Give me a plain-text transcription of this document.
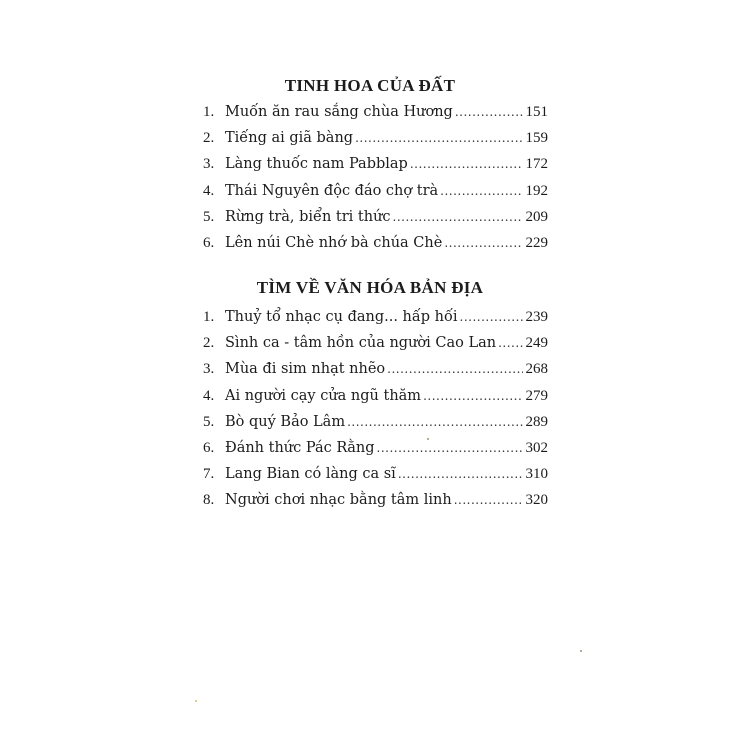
TINH HOA CỦA ĐẤT
1. Muốn ăn rau sắng chùa Hương .....	151
2. Tiếng ai giã bàng .....	159
3. Làng thuốc nam Pabblap .....	172
4. Thái Nguyên độc đáo chợ trà .....	192
5. Rừng trà, biển tri thức .....	209
6. Lên núi Chè nhớ bà chúa Chè .....	229
TÌM VỀ VĂN HÓA BẢN ĐỊA
1. Thuỷ tổ nhạc cụ đang... hấp hối .....	239
2. Sình ca - tâm hồn của người Cao Lan ..... 249
3. Mùa đi sim nhạt nhẽo .....	268
4. Ai người cạy cửa ngũ thăm .....	279
5. Bò quý Bảo Lâm .....	289
6. Đánh thức Pác Rằng .....	302
7. Lang Bian có làng ca sĩ .....	310
8. Người chơi nhạc bằng tâm linh .....	320
